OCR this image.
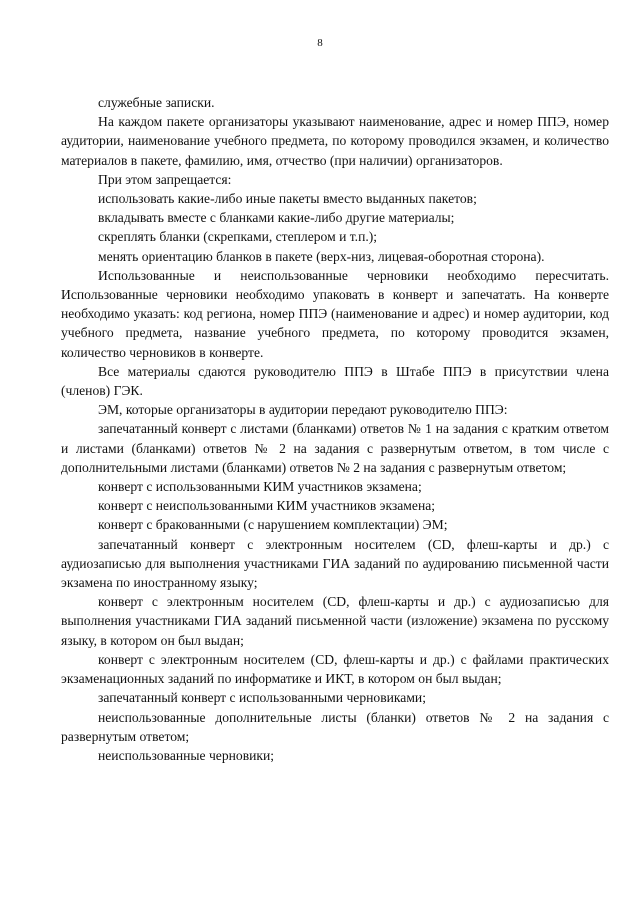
8

служебные записки.

На каждом пакете организаторы указывают наименование, адрес и номер ППЭ, номер аудитории, наименование учебного предмета, по которому проводился экзамен, и количество материалов в пакете, фамилию, имя, отчество (при наличии) организаторов.

При этом запрещается:

использовать какие-либо иные пакеты вместо выданных пакетов;

вкладывать вместе с бланками какие-либо другие материалы;

скреплять бланки (скрепками, степлером и т.п.);

менять ориентацию бланков в пакете (верх-низ, лицевая-оборотная сторона).

Использованные и неиспользованные черновики необходимо пересчитать. Использованные черновики необходимо упаковать в конверт и запечатать. На конверте необходимо указать: код региона, номер ППЭ (наименование и адрес) и номер аудитории, код учебного предмета, название учебного предмета, по которому проводится экзамен, количество черновиков в конверте.

Все материалы сдаются руководителю ППЭ в Штабе ППЭ в присутствии члена (членов) ГЭК.

ЭМ, которые организаторы в аудитории передают руководителю ППЭ:

запечатанный конверт с листами (бланками) ответов № 1 на задания с кратким ответом и листами (бланками) ответов № 2 на задания с развернутым ответом, в том числе с дополнительными листами (бланками) ответов № 2 на задания с развернутым ответом;

конверт с использованными КИМ участников экзамена;

конверт с неиспользованными КИМ участников экзамена;

конверт с бракованными (с нарушением комплектации) ЭМ;

запечатанный конверт с электронным носителем (CD, флеш-карты и др.) с аудиозаписью для выполнения участниками ГИА заданий по аудированию письменной части экзамена по иностранному языку;

конверт с электронным носителем (CD, флеш-карты и др.) с аудиозаписью для выполнения участниками ГИА заданий письменной части (изложение) экзамена по русскому языку, в котором он был выдан;

конверт с электронным носителем (CD, флеш-карты и др.) с файлами практических экзаменационных заданий по информатике и ИКТ, в котором он был выдан;

запечатанный конверт с использованными черновиками;

неиспользованные дополнительные листы (бланки) ответов № 2 на задания с развернутым ответом;

неиспользованные черновики;
